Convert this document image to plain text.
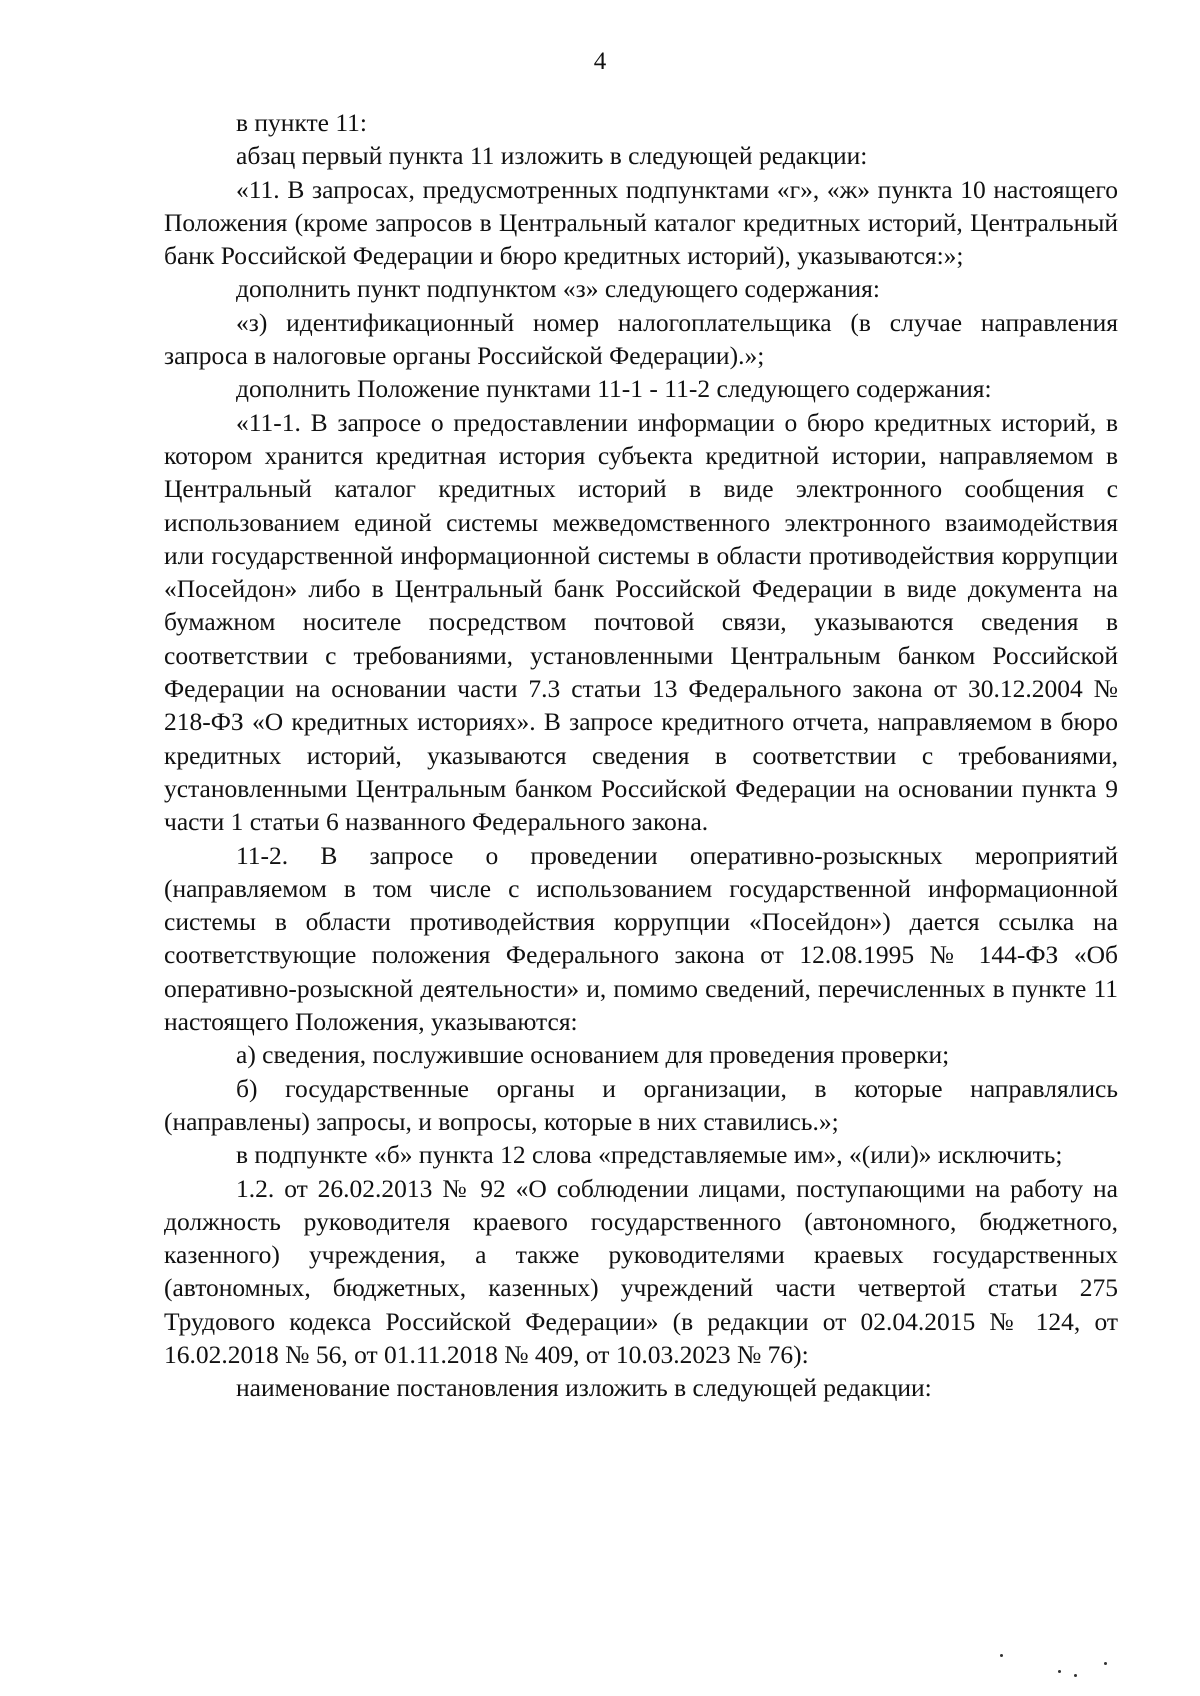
4

в пункте 11:

абзац первый пункта 11 изложить в следующей редакции:

«11. В запросах, предусмотренных подпунктами «г», «ж» пункта 10 настоящего Положения (кроме запросов в Центральный каталог кредитных историй, Центральный банк Российской Федерации и бюро кредитных историй), указываются:»;

дополнить пункт подпунктом «з» следующего содержания:

«з) идентификационный номер налогоплательщика (в случае направления запроса в налоговые органы Российской Федерации).»;

дополнить Положение пунктами 11-1 - 11-2 следующего содержания:

«11-1. В запросе о предоставлении информации о бюро кредитных историй, в котором хранится кредитная история субъекта кредитной истории, направляемом в Центральный каталог кредитных историй в виде электронного сообщения с использованием единой системы межведомственного электронного взаимодействия или государственной информационной системы в области противодействия коррупции «Посейдон» либо в Центральный банк Российской Федерации в виде документа на бумажном носителе посредством почтовой связи, указываются сведения в соответствии с требованиями, установленными Центральным банком Российской Федерации на основании части 7.3 статьи 13 Федерального закона от 30.12.2004 № 218-ФЗ «О кредитных историях». В запросе кредитного отчета, направляемом в бюро кредитных историй, указываются сведения в соответствии с требованиями, установленными Центральным банком Российской Федерации на основании пункта 9 части 1 статьи 6 названного Федерального закона.

11-2. В запросе о проведении оперативно-розыскных мероприятий (направляемом в том числе с использованием государственной информационной системы в области противодействия коррупции «Посейдон») дается ссылка на соответствующие положения Федерального закона от 12.08.1995 № 144-ФЗ «Об оперативно-розыскной деятельности» и, помимо сведений, перечисленных в пункте 11 настоящего Положения, указываются:

а) сведения, послужившие основанием для проведения проверки;

б) государственные органы и организации, в которые направлялись (направлены) запросы, и вопросы, которые в них ставились.»;

в подпункте «б» пункта 12 слова «представляемые им», «(или)» исключить;

1.2. от 26.02.2013 № 92 «О соблюдении лицами, поступающими на работу на должность руководителя краевого государственного (автономного, бюджетного, казенного) учреждения, а также руководителями краевых государственных (автономных, бюджетных, казенных) учреждений части четвертой статьи 275 Трудового кодекса Российской Федерации» (в редакции от 02.04.2015 № 124, от 16.02.2018 № 56, от 01.11.2018 № 409, от 10.03.2023 № 76):

наименование постановления изложить в следующей редакции:
